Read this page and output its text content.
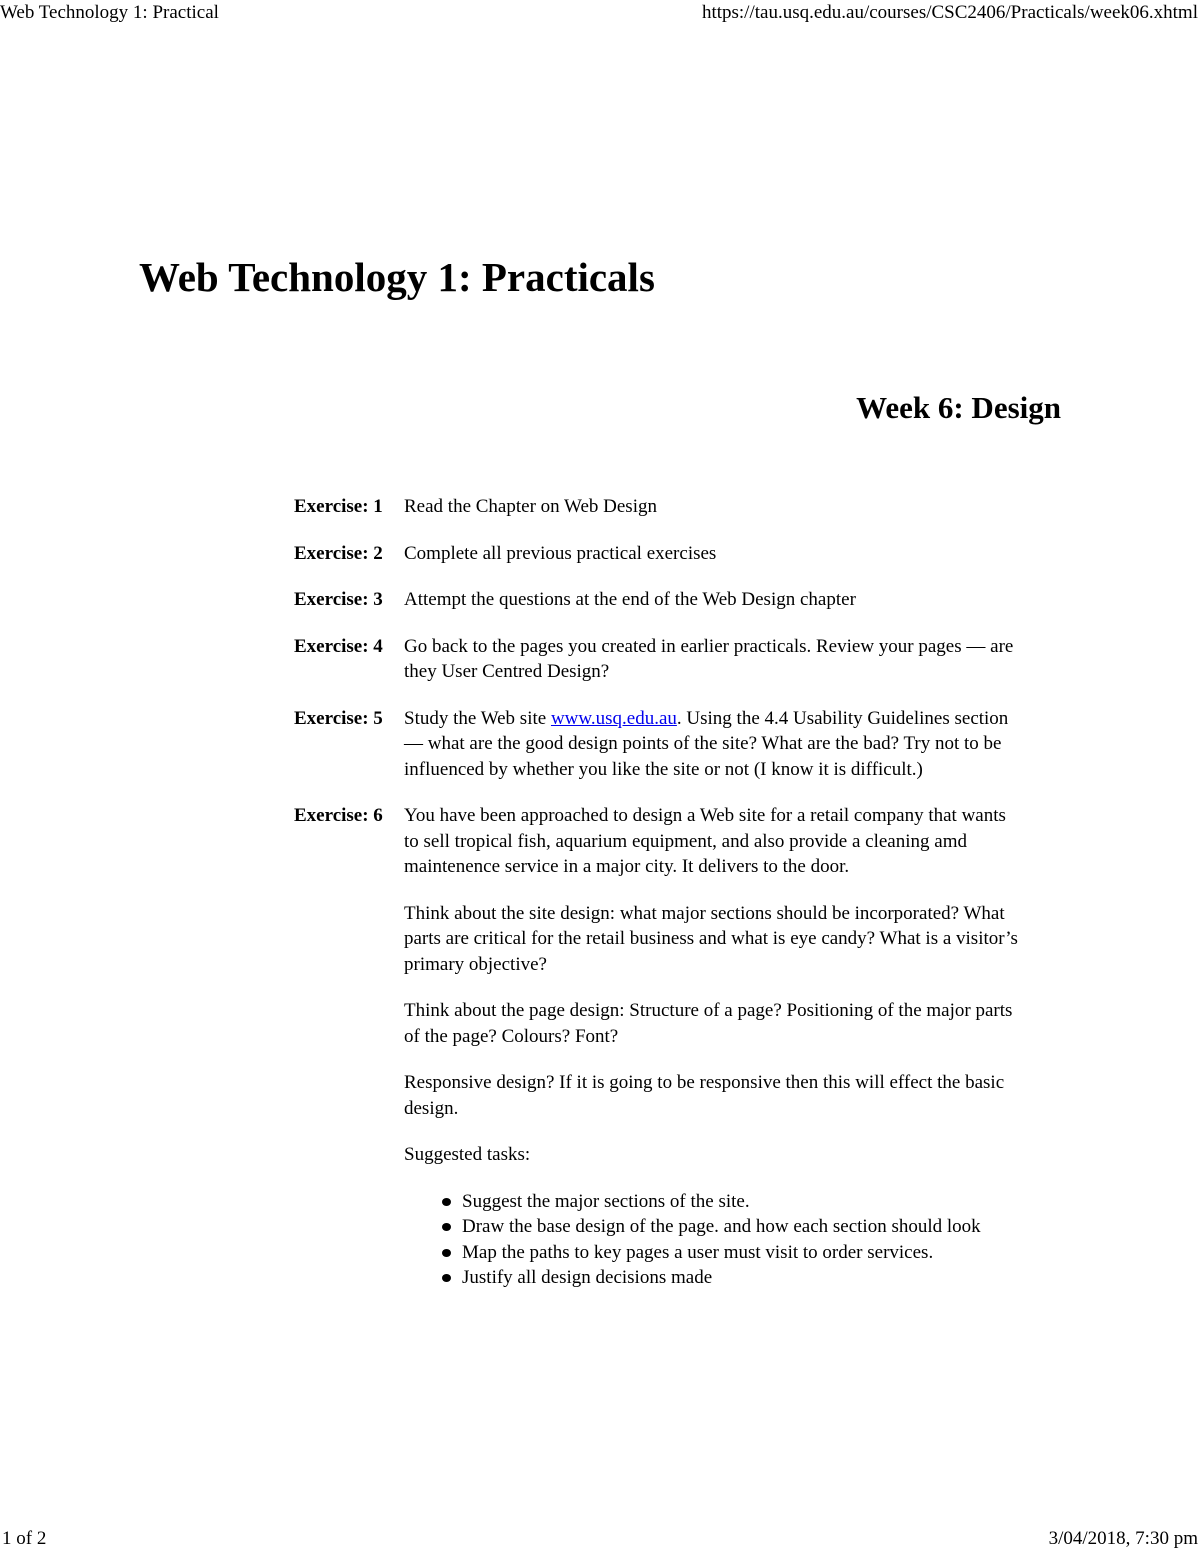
Web Technology 1: Practical	https://tau.usq.edu.au/courses/CSC2406/Practicals/week06.xhtml
Web Technology 1: Practicals
Week 6: Design
Exercise: 1	Read the Chapter on Web Design
Exercise: 2	Complete all previous practical exercises
Exercise: 3	Attempt the questions at the end of the Web Design chapter
Exercise: 4	Go back to the pages you created in earlier practicals. Review your pages — are they User Centred Design?
Exercise: 5	Study the Web site www.usq.edu.au. Using the 4.4 Usability Guidelines section — what are the good design points of the site? What are the bad? Try not to be influenced by whether you like the site or not (I know it is difficult.)
Exercise: 6	You have been approached to design a Web site for a retail company that wants to sell tropical fish, aquarium equipment, and also provide a cleaning amd maintenence service in a major city. It delivers to the door.

Think about the site design: what major sections should be incorporated? What parts are critical for the retail business and what is eye candy? What is a visitor’s primary objective?

Think about the page design: Structure of a page? Positioning of the major parts of the page? Colours? Font?

Responsive design? If it is going to be responsive then this will effect the basic design.

Suggested tasks:

Suggest the major sections of the site.
Draw the base design of the page. and how each section should look
Map the paths to key pages a user must visit to order services.
Justify all design decisions made
1 of 2	3/04/2018, 7:30 pm
